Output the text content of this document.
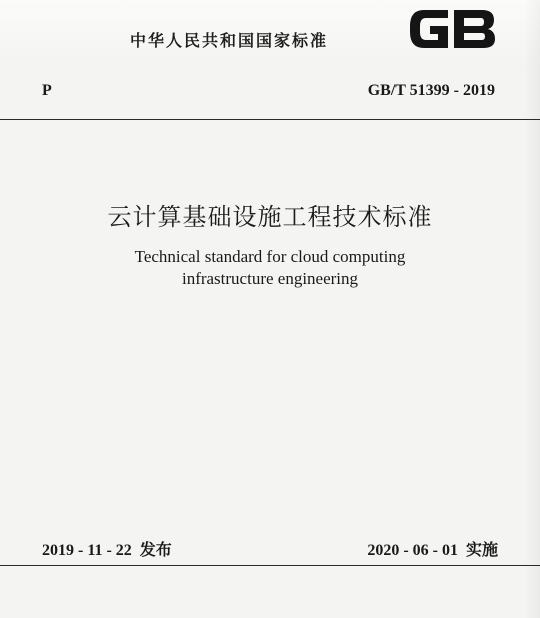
中华人民共和国国家标准
P	GB/T 51399 - 2019
云计算基础设施工程技术标准
Technical standard for cloud computing
infrastructure engineering
2019 - 11 - 22 发布	2020 - 06 - 01 实施
